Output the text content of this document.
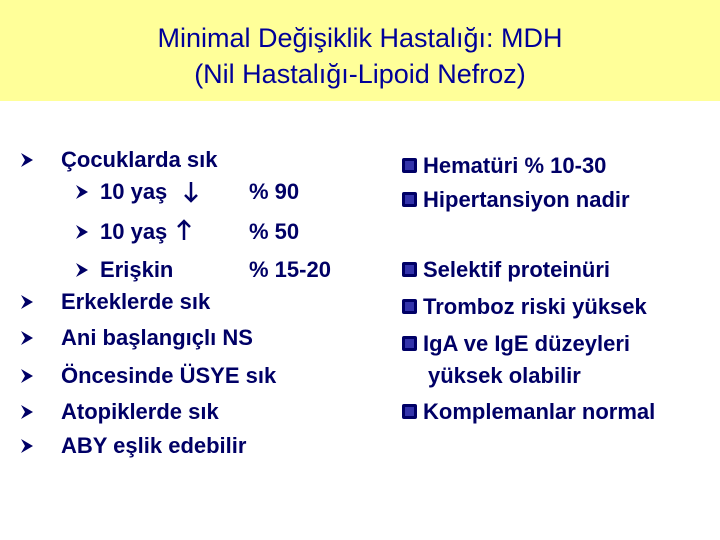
Minimal Değişiklik Hastalığı: MDH
(Nil Hastalığı-Lipoid Nefroz)
Çocuklarda sık
10 yaş	% 90
10 yaş	% 50
Erişkin	% 15-20
Erkeklerde sık
Ani başlangıçlı NS
Öncesinde ÜSYE sık
Atopiklerde sık
ABY eşlik edebilir
Hematüri % 10-30
Hipertansiyon nadir
Selektif proteinüri
Tromboz riski yüksek
IgA ve IgE düzeyleri
yüksek olabilir
Komplemanlar normal
